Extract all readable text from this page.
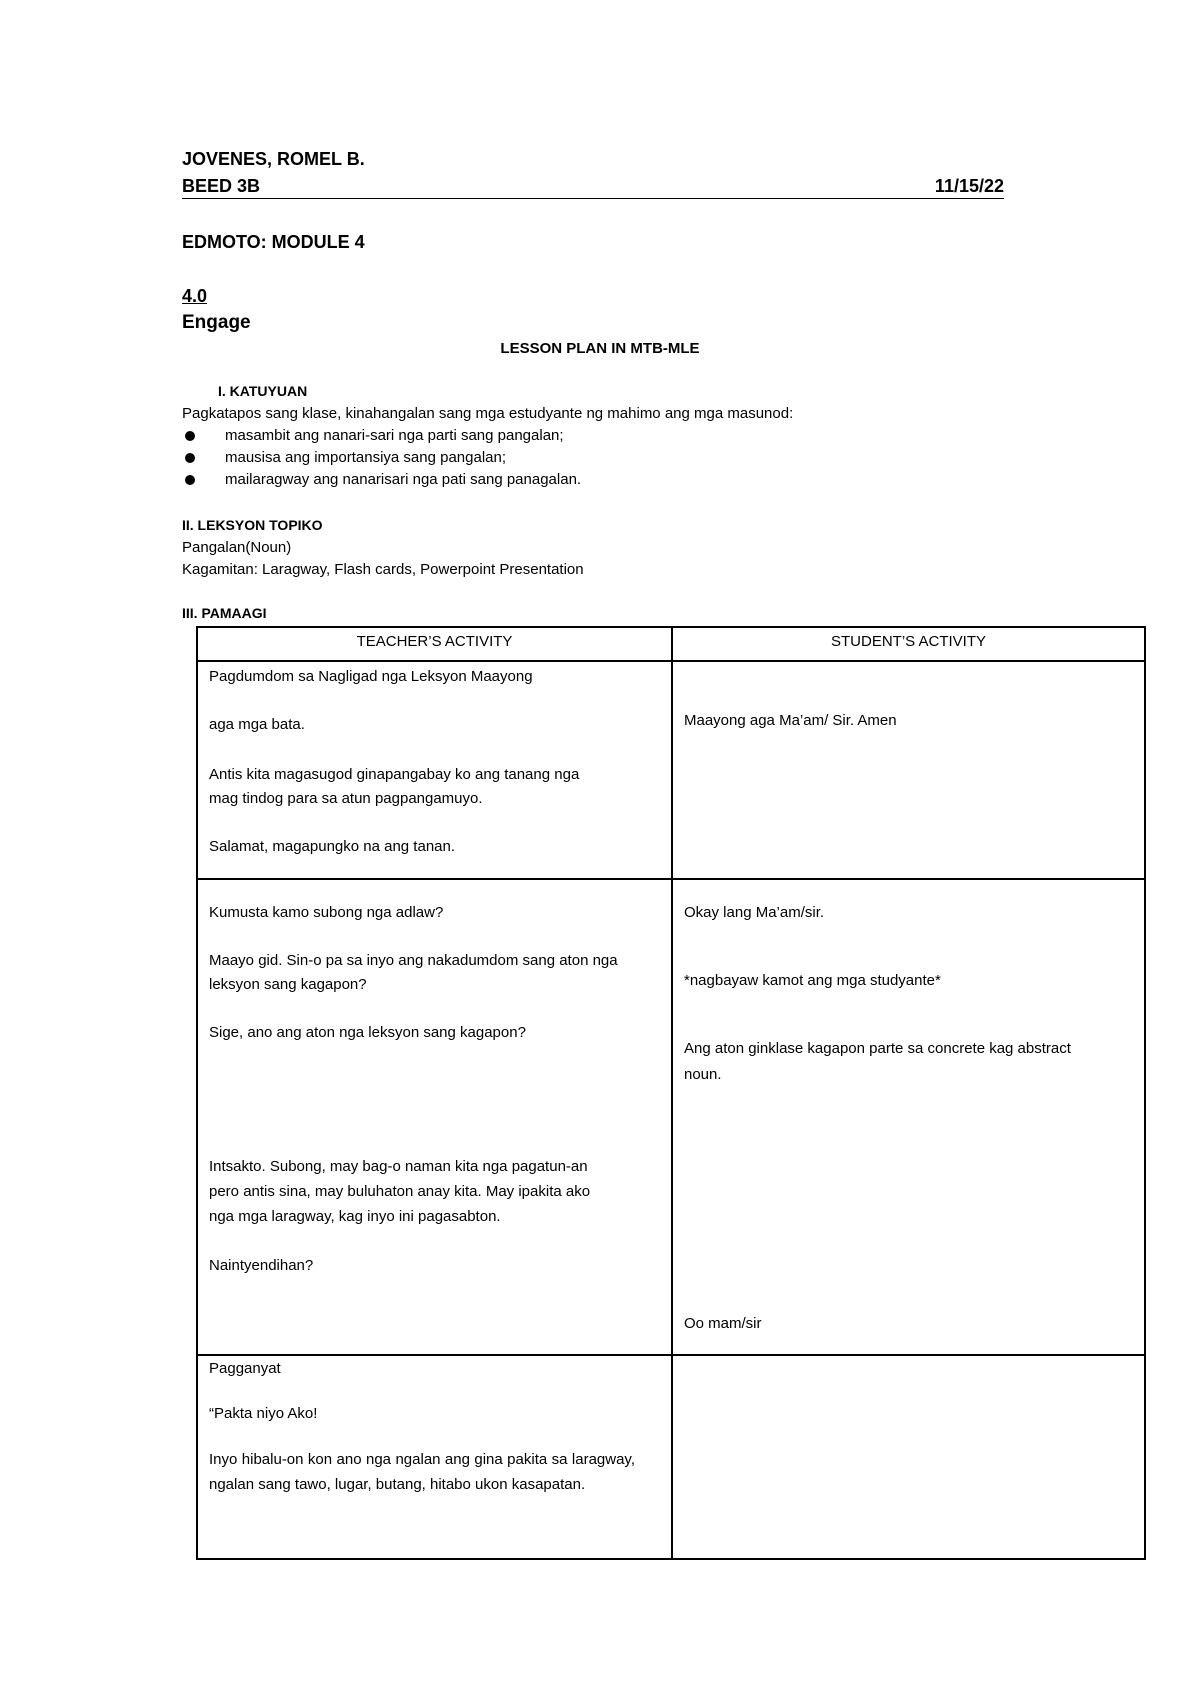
JOVENES, ROMEL B.
BEED 3B	11/15/22
EDMOTO: MODULE 4
4.0
Engage
LESSON PLAN IN MTB-MLE
I. KATUYUAN
Pagkatapos sang klase, kinahangalan sang mga estudyante ng mahimo ang mga masunod:
masambit ang nanari-sari nga parti sang pangalan;
mausisa ang importansiya sang pangalan;
mailaragway ang nanarisari nga pati sang panagalan.
II. LEKSYON TOPIKO
Pangalan(Noun)
Kagamitan: Laragway, Flash cards, Powerpoint Presentation
III. PAMAAGI
TEACHER’S ACTIVITY	STUDENT’S ACTIVITY
Pagdumdom sa Nagligad nga Leksyon Maayong
aga mga bata.
Antis kita magasugod ginapangabay ko ang tanang nga
mag tindog para sa atun pagpangamuyo.
Salamat, magapungko na ang tanan.
Maayong aga Ma’am/ Sir. Amen
Kumusta kamo subong nga adlaw?
Maayo gid. Sin-o pa sa inyo ang nakadumdom sang aton nga
leksyon sang kagapon?
Sige, ano ang aton nga leksyon sang kagapon?
Intsakto. Subong, may bag-o naman kita nga pagatun-an
pero antis sina, may buluhaton anay kita. May ipakita ako
nga mga laragway, kag inyo ini pagasabton.
Naintyendihan?
Okay lang Ma’am/sir.
*nagbayaw kamot ang mga studyante*
Ang aton ginklase kagapon parte sa concrete kag abstract
noun.
Oo mam/sir
Pagganyat
“Pakta niyo Ako!
Inyo hibalu-on kon ano nga ngalan ang gina pakita sa laragway, ngalan sang tawo, lugar, butang, hitabo ukon kasapatan.
